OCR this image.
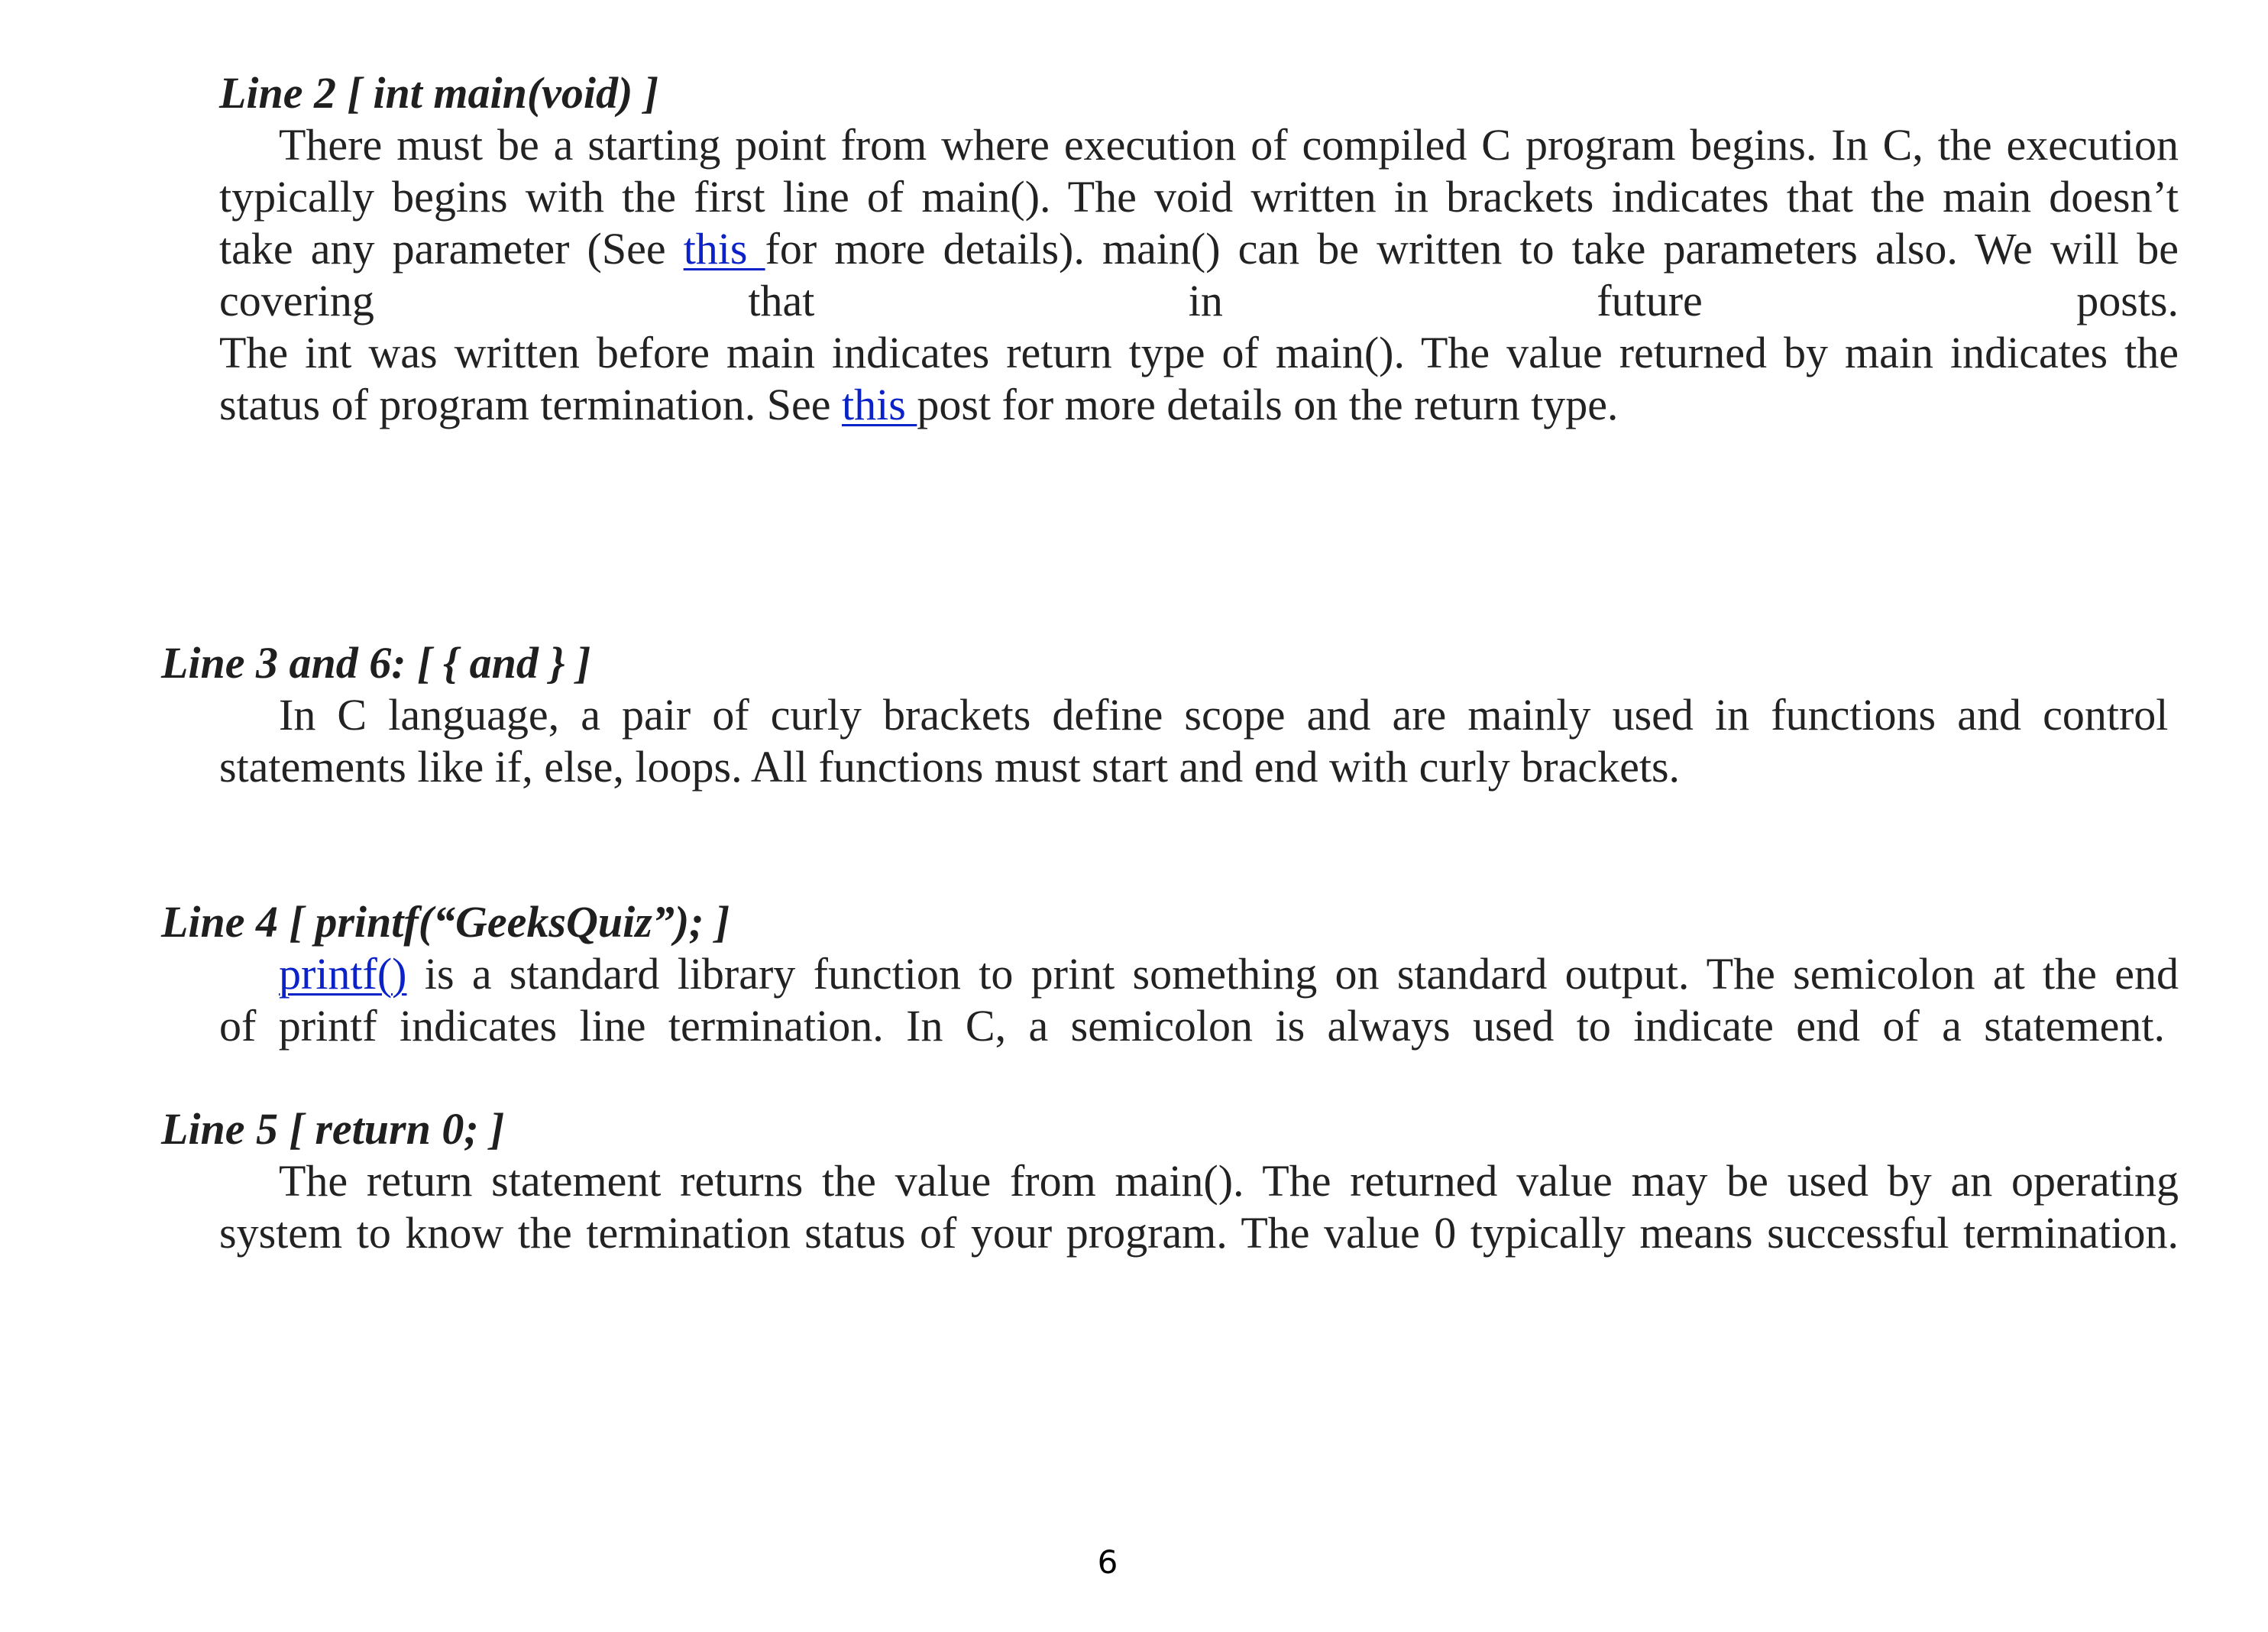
Line 2 [ int main(void) ]
There must be a starting point from where execution of compiled C program begins. In C, the execution
typically begins with the first line of main(). The void written in brackets indicates that the main doesn’t
take any parameter (See this for more details). main() can be written to take parameters also. We will be
covering	that	in	future	posts.
The int was written before main indicates return type of main(). The value returned by main indicates the
status of program termination. See this post for more details on the return type.
Line 3 and 6: [ { and } ]
In C language, a pair of curly brackets define scope and are mainly used in functions and control
statements like if, else, loops. All functions must start and end with curly brackets.
Line 4 [ printf(“GeeksQuiz”); ]
printf() is a standard library function to print something on standard output. The semicolon at the end
of printf indicates line termination. In C, a semicolon is always used to indicate end of a statement.
Line 5 [ return 0; ]
The return statement returns the value from main(). The returned value may be used by an operating
system to know the termination status of your program. The value 0 typically means successful termination.
6
